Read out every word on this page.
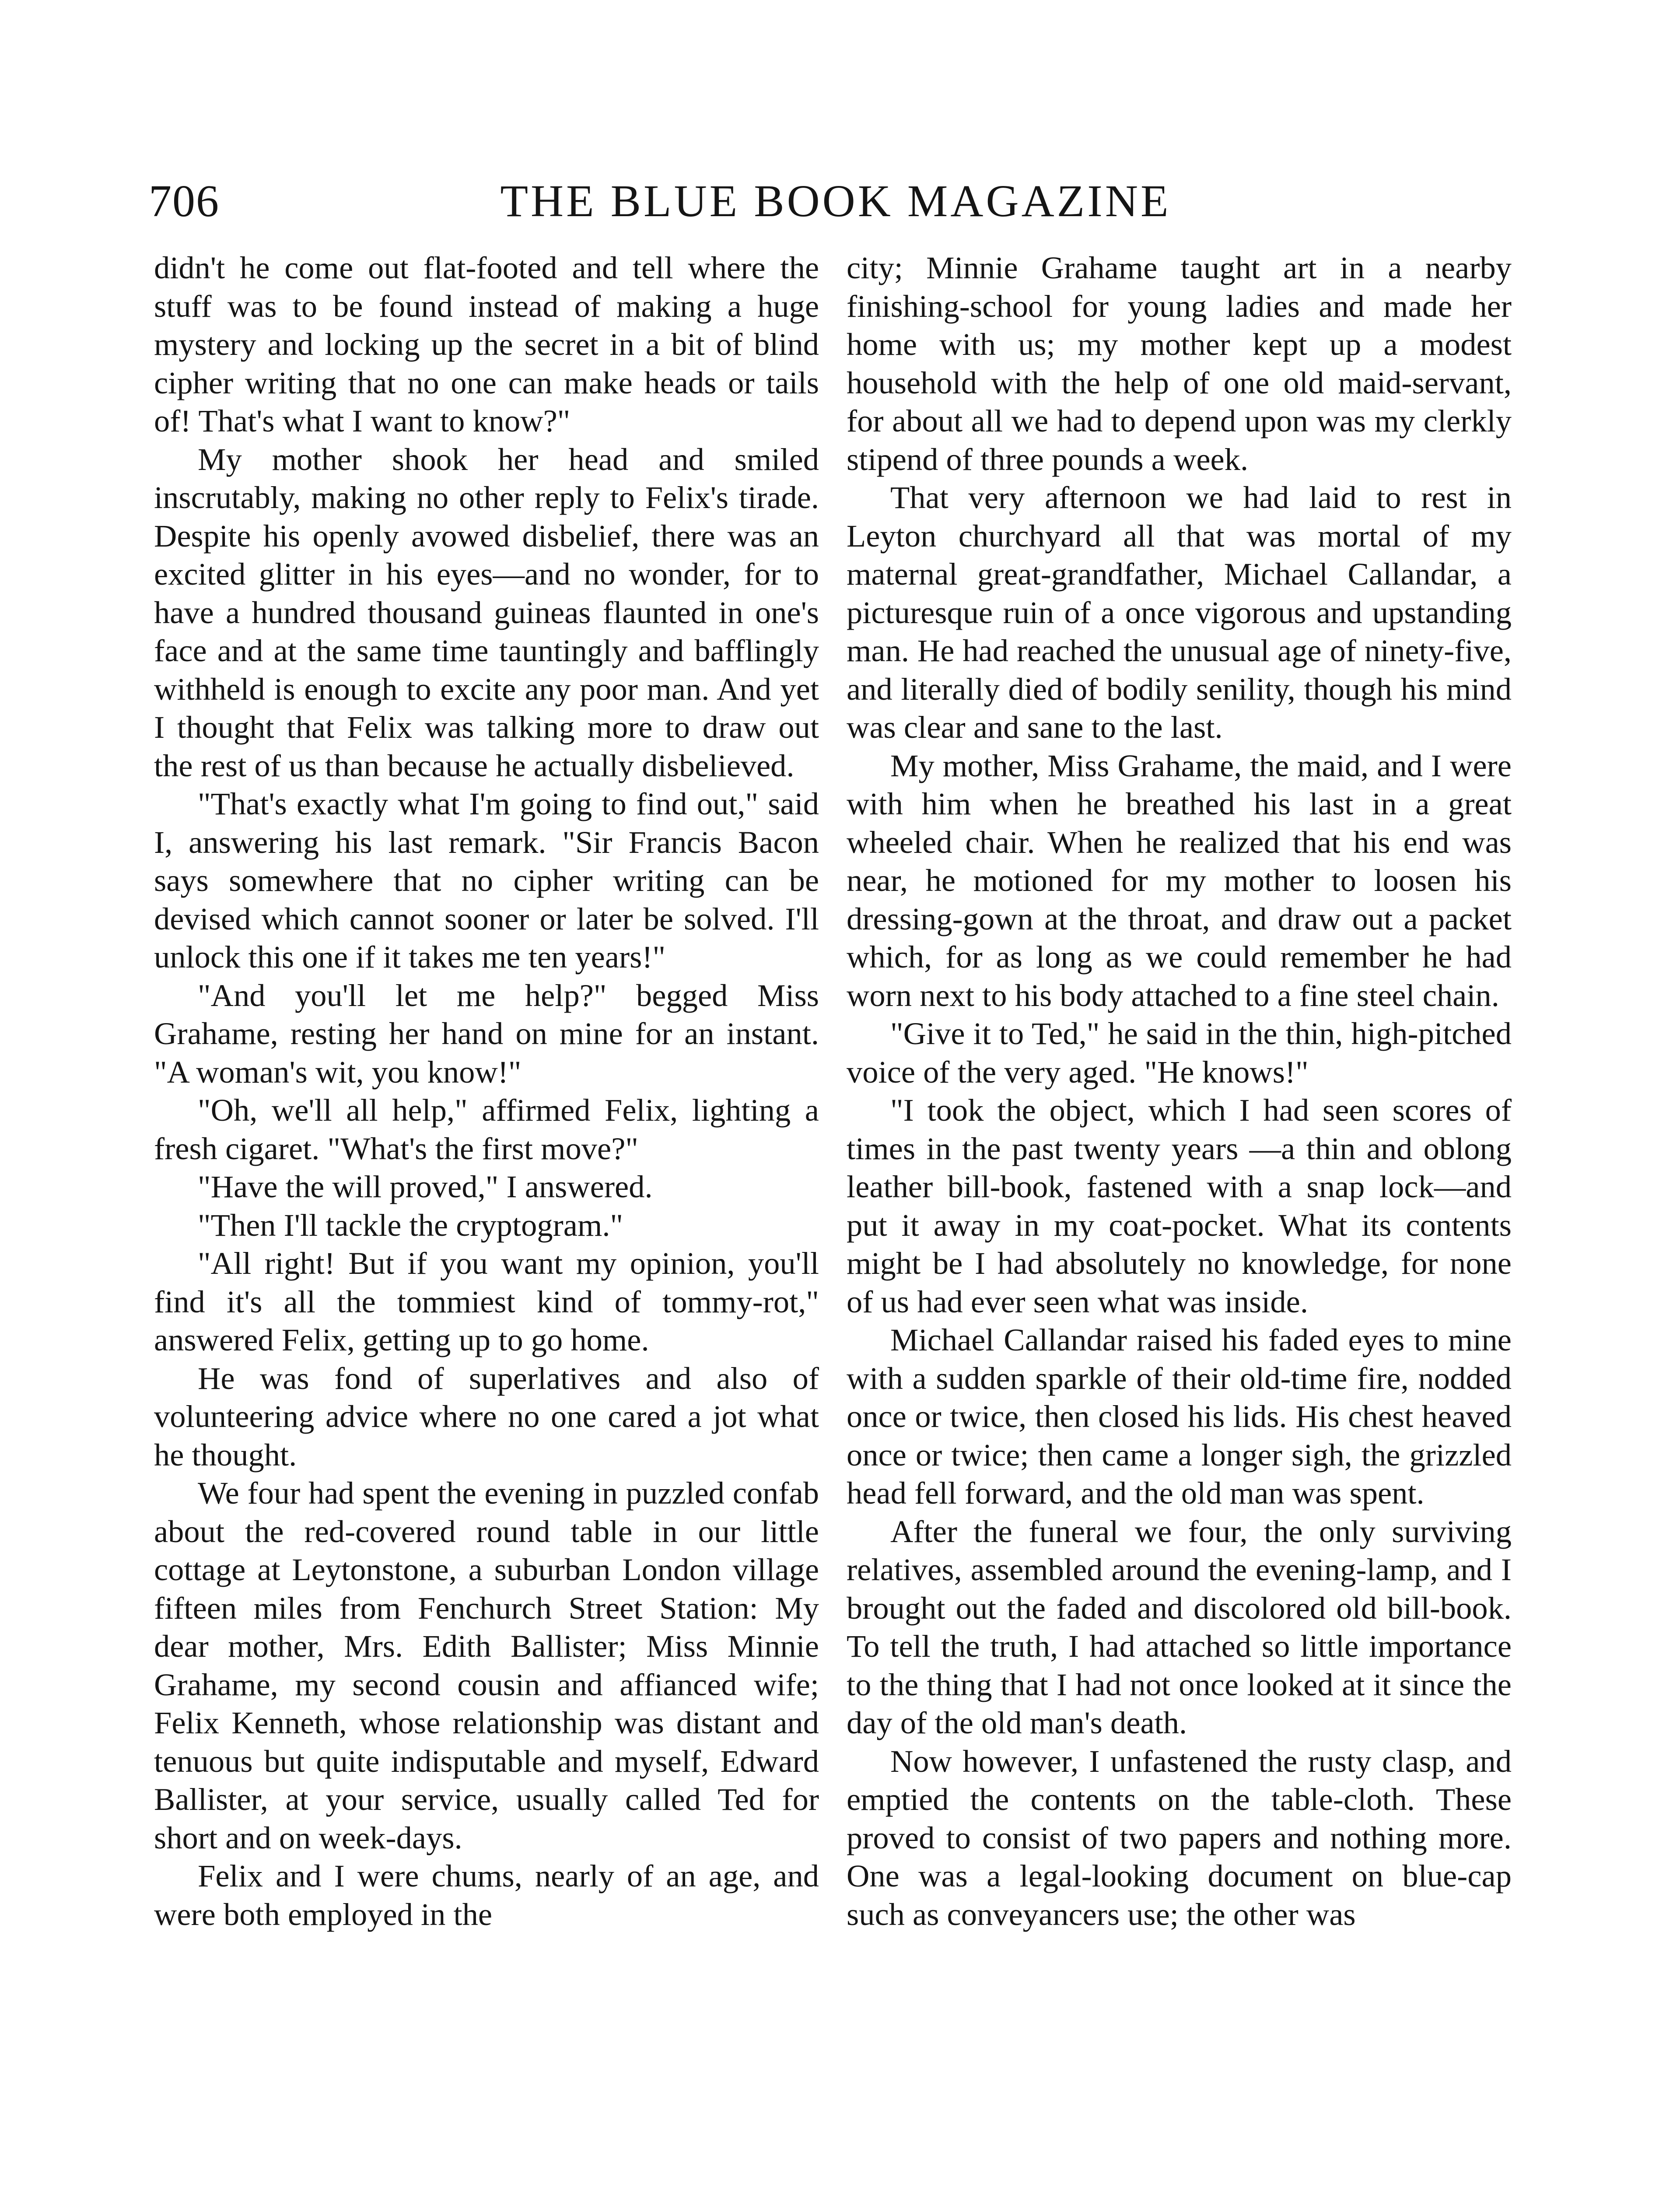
706	THE BLUE BOOK MAGAZINE

didn't he come out flat-footed and tell where the stuff was to be found instead of making a huge mystery and locking up the secret in a bit of blind cipher writing that no one can make heads or tails of! That's what I want to know?"

My mother shook her head and smiled inscrutably, making no other reply to Felix's tirade. Despite his openly avowed disbelief, there was an excited glitter in his eyes—and no wonder, for to have a hundred thousand guineas flaunted in one's face and at the same time tauntingly and bafflingly withheld is enough to excite any poor man. And yet I thought that Felix was talking more to draw out the rest of us than because he actually disbelieved.

"That's exactly what I'm going to find out," said I, answering his last remark. "Sir Francis Bacon says somewhere that no cipher writing can be devised which cannot sooner or later be solved. I'll unlock this one if it takes me ten years!"

"And you'll let me help?" begged Miss Grahame, resting her hand on mine for an instant. "A woman's wit, you know!"

"Oh, we'll all help," affirmed Felix, lighting a fresh cigaret. "What's the first move?"

"Have the will proved," I answered.

"Then I'll tackle the cryptogram."

"All right! But if you want my opinion, you'll find it's all the tommiest kind of tommy-rot," answered Felix, getting up to go home.

He was fond of superlatives and also of volunteering advice where no one cared a jot what he thought.

We four had spent the evening in puzzled confab about the red-covered round table in our little cottage at Leytonstone, a suburban London village fifteen miles from Fenchurch Street Station: My dear mother, Mrs. Edith Ballister; Miss Minnie Grahame, my second cousin and affianced wife; Felix Kenneth, whose relationship was distant and tenuous but quite indisputable and myself, Edward Ballister, at your service, usually called Ted for short and on week-days.

Felix and I were chums, nearly of an age, and were both employed in the

city; Minnie Grahame taught art in a nearby finishing-school for young ladies and made her home with us; my mother kept up a modest household with the help of one old maid-servant, for about all we had to depend upon was my clerkly stipend of three pounds a week.

That very afternoon we had laid to rest in Leyton churchyard all that was mortal of my maternal great-grandfather, Michael Callandar, a picturesque ruin of a once vigorous and upstanding man. He had reached the unusual age of ninety-five, and literally died of bodily senility, though his mind was clear and sane to the last.

My mother, Miss Grahame, the maid, and I were with him when he breathed his last in a great wheeled chair. When he realized that his end was near, he motioned for my mother to loosen his dressing-gown at the throat, and draw out a packet which, for as long as we could remember he had worn next to his body attached to a fine steel chain.

"Give it to Ted," he said in the thin, high-pitched voice of the very aged. "He knows!"

"I took the object, which I had seen scores of times in the past twenty years —a thin and oblong leather bill-book, fastened with a snap lock—and put it away in my coat-pocket. What its contents might be I had absolutely no knowledge, for none of us had ever seen what was inside.

Michael Callandar raised his faded eyes to mine with a sudden sparkle of their old-time fire, nodded once or twice, then closed his lids. His chest heaved once or twice; then came a longer sigh, the grizzled head fell forward, and the old man was spent.

After the funeral we four, the only surviving relatives, assembled around the evening-lamp, and I brought out the faded and discolored old bill-book. To tell the truth, I had attached so little importance to the thing that I had not once looked at it since the day of the old man's death.

Now however, I unfastened the rusty clasp, and emptied the contents on the table-cloth. These proved to consist of two papers and nothing more. One was a legal-looking document on blue-cap such as conveyancers use; the other was
